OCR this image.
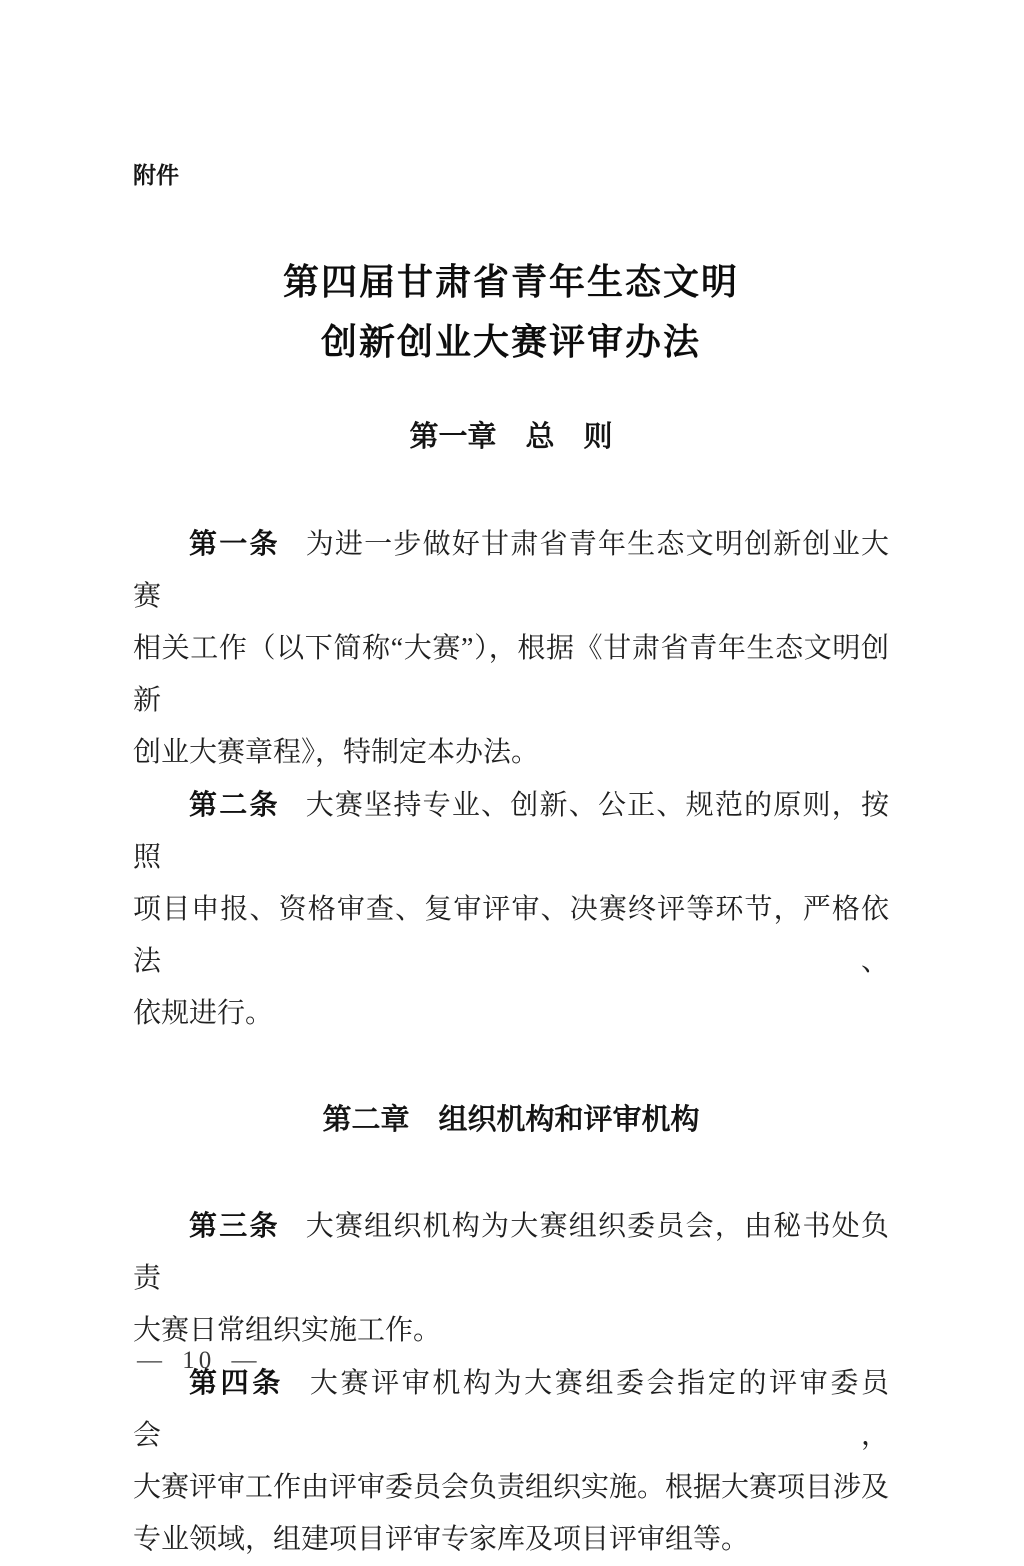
附件

第四届甘肃省青年生态文明
创新创业大赛评审办法
第一章　总　则
第一条 为进一步做好甘肃省青年生态文明创新创业大赛
相关工作（以下简称“大赛”），根据《甘肃省青年生态文明创新
创业大赛章程》，特制定本办法。
第二条 大赛坚持专业、创新、公正、规范的原则，按照
项目申报、资格审查、复审评审、决赛终评等环节，严格依法、
依规进行。
第二章　组织机构和评审机构
第三条 大赛组织机构为大赛组织委员会，由秘书处负责
大赛日常组织实施工作。
第四条 大赛评审机构为大赛组委会指定的评审委员会，
大赛评审工作由评审委员会负责组织实施。根据大赛项目涉及
专业领域，组建项目评审专家库及项目评审组等。
— 10 —
